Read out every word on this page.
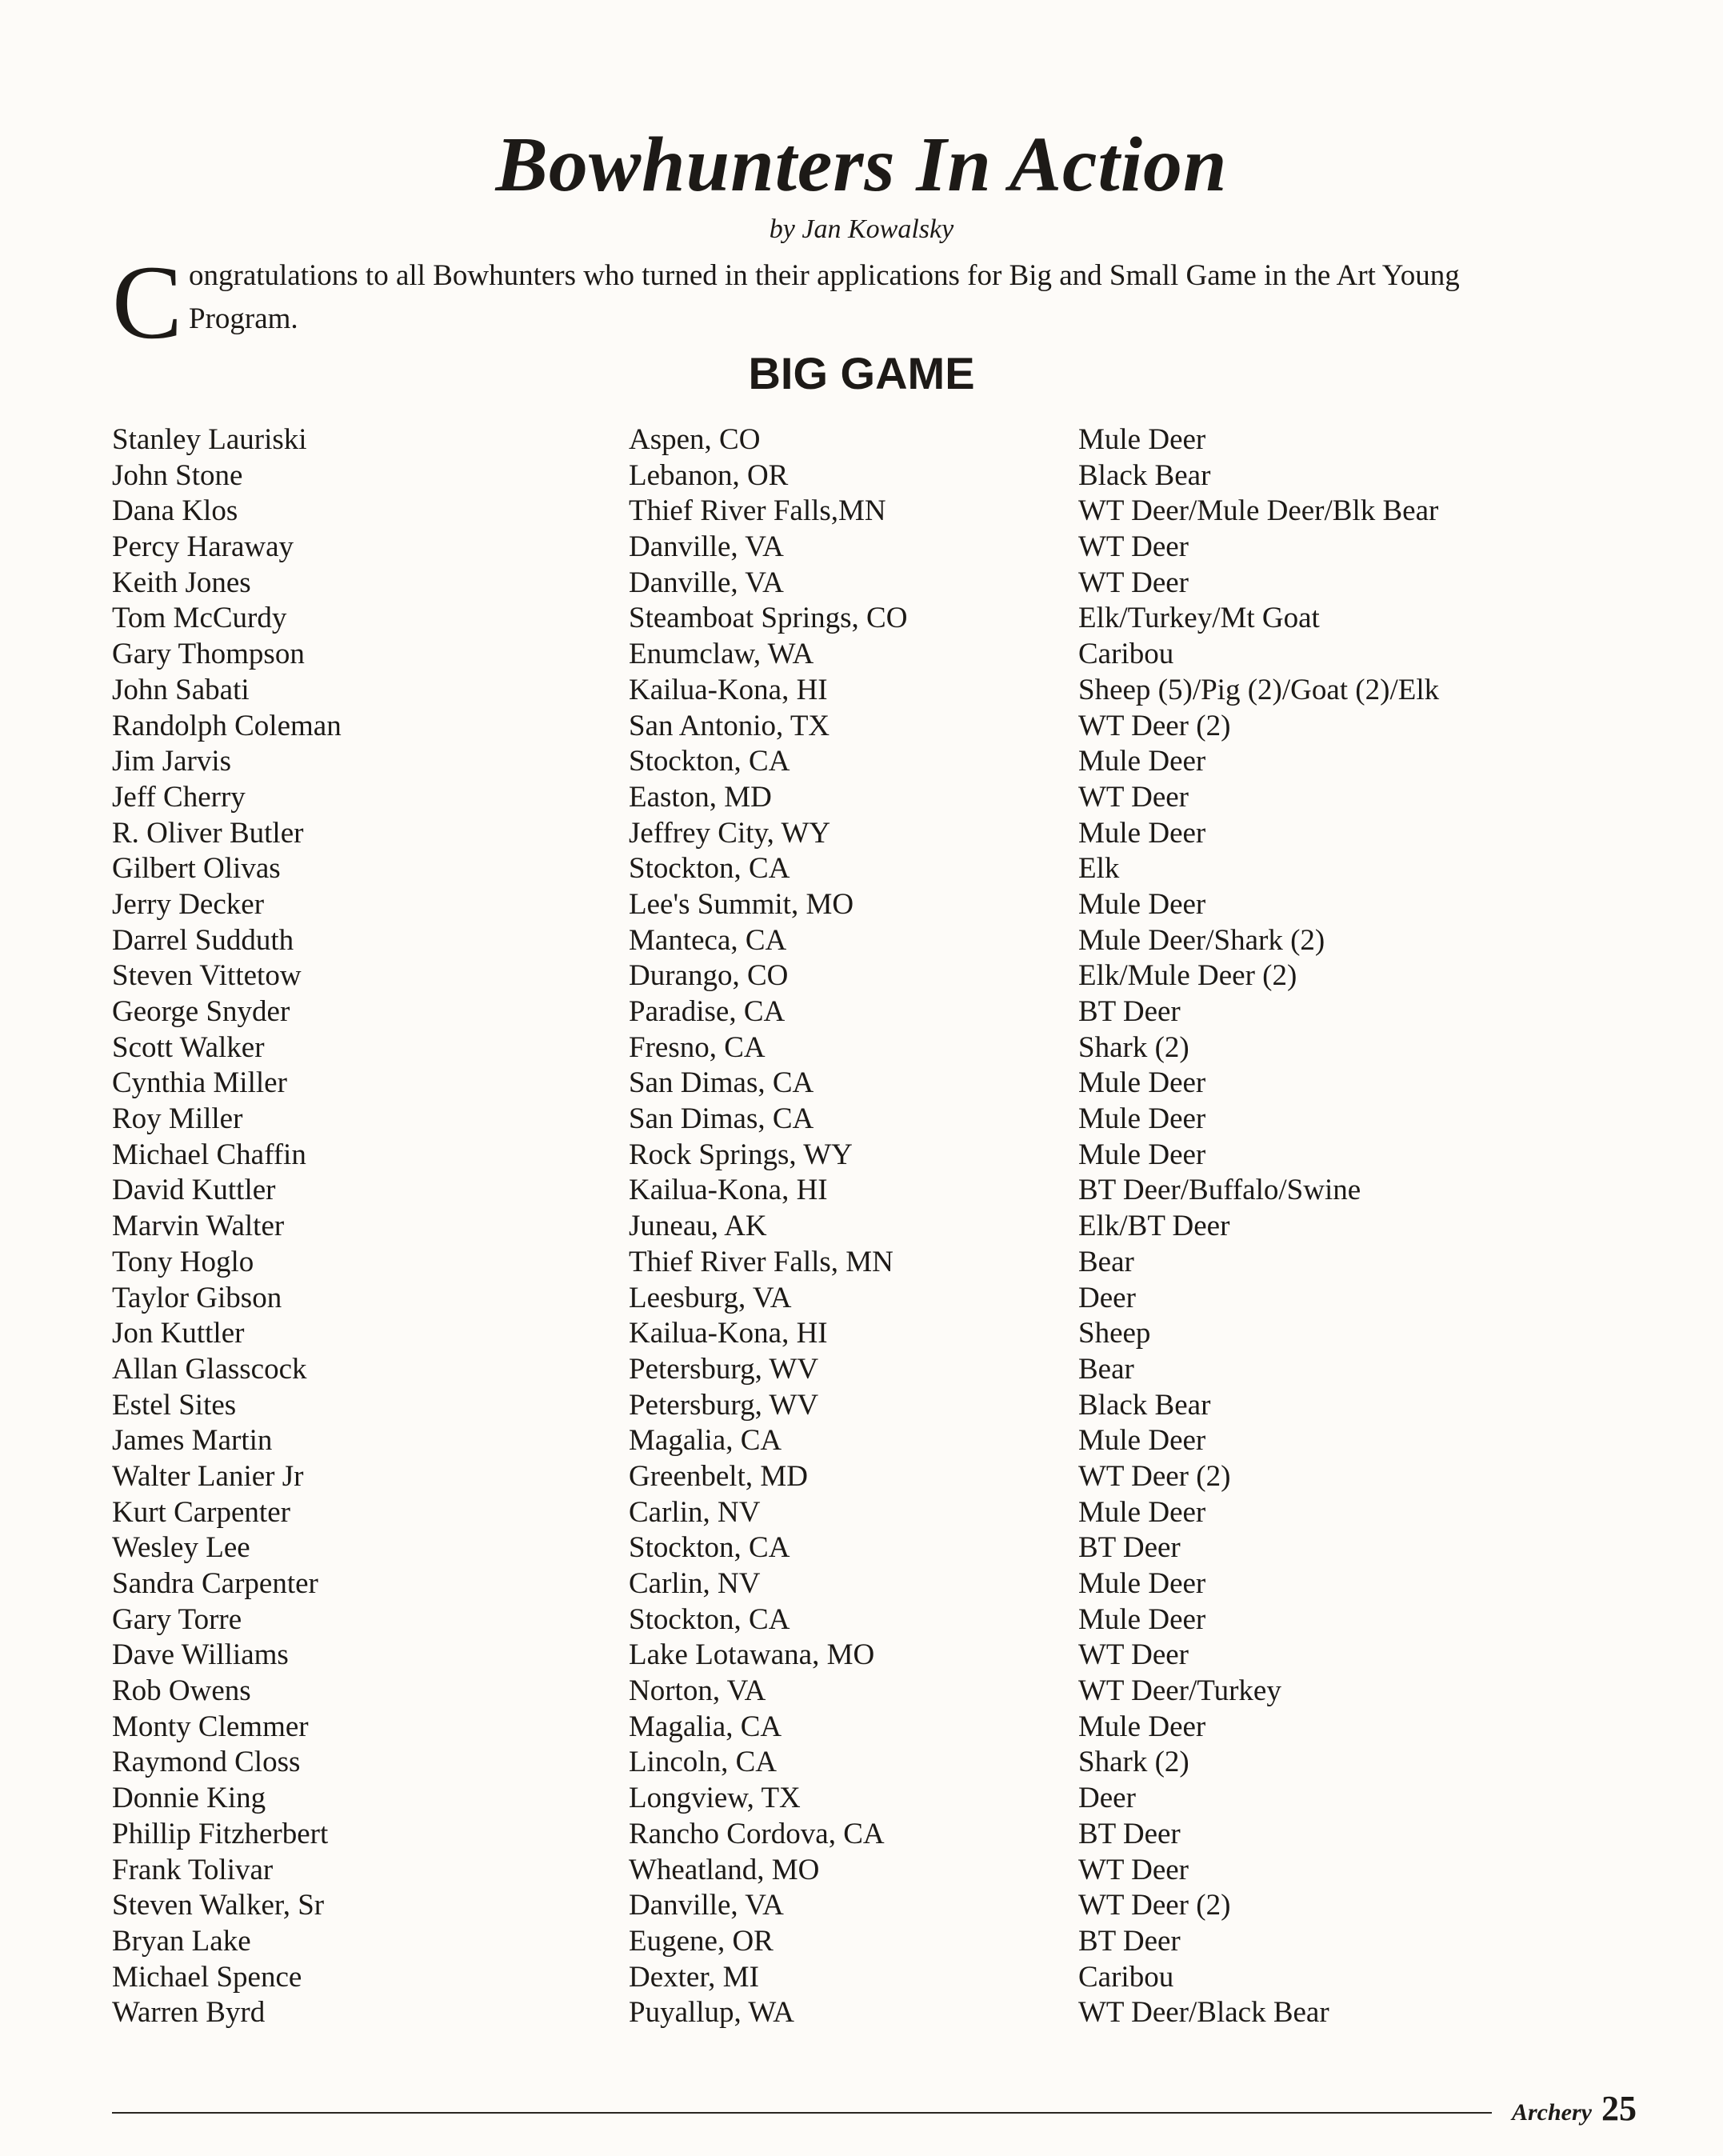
Bowhunters In Action
by Jan Kowalsky
C ongratulations to all Bowhunters who turned in their applications for Big and Small Game in the Art Young Program.
BIG GAME
Stanley Lauriski	Aspen, CO	Mule Deer
John Stone	Lebanon, OR	Black Bear
Dana Klos	Thief River Falls,MN	WT Deer/Mule Deer/Blk Bear
Percy Haraway	Danville, VA	WT Deer
Keith Jones	Danville, VA	WT Deer
Tom McCurdy	Steamboat Springs, CO	Elk/Turkey/Mt Goat
Gary Thompson	Enumclaw, WA	Caribou
John Sabati	Kailua-Kona, HI	Sheep (5)/Pig (2)/Goat (2)/Elk
Randolph Coleman	San Antonio, TX	WT Deer (2)
Jim Jarvis	Stockton, CA	Mule Deer
Jeff Cherry	Easton, MD	WT Deer
R. Oliver Butler	Jeffrey City, WY	Mule Deer
Gilbert Olivas	Stockton, CA	Elk
Jerry Decker	Lee's Summit, MO	Mule Deer
Darrel Sudduth	Manteca, CA	Mule Deer/Shark (2)
Steven Vittetow	Durango, CO	Elk/Mule Deer (2)
George Snyder	Paradise, CA	BT Deer
Scott Walker	Fresno, CA	Shark (2)
Cynthia Miller	San Dimas, CA	Mule Deer
Roy Miller	San Dimas, CA	Mule Deer
Michael Chaffin	Rock Springs, WY	Mule Deer
David Kuttler	Kailua-Kona, HI	BT Deer/Buffalo/Swine
Marvin Walter	Juneau, AK	Elk/BT Deer
Tony Hoglo	Thief River Falls, MN	Bear
Taylor Gibson	Leesburg, VA	Deer
Jon Kuttler	Kailua-Kona, HI	Sheep
Allan Glasscock	Petersburg, WV	Bear
Estel Sites	Petersburg, WV	Black Bear
James Martin	Magalia, CA	Mule Deer
Walter Lanier Jr	Greenbelt, MD	WT Deer (2)
Kurt Carpenter	Carlin, NV	Mule Deer
Wesley Lee	Stockton, CA	BT Deer
Sandra Carpenter	Carlin, NV	Mule Deer
Gary Torre	Stockton, CA	Mule Deer
Dave Williams	Lake Lotawana, MO	WT Deer
Rob Owens	Norton, VA	WT Deer/Turkey
Monty Clemmer	Magalia, CA	Mule Deer
Raymond Closs	Lincoln, CA	Shark (2)
Donnie King	Longview, TX	Deer
Phillip Fitzherbert	Rancho Cordova, CA	BT Deer
Frank Tolivar	Wheatland, MO	WT Deer
Steven Walker, Sr	Danville, VA	WT Deer (2)
Bryan Lake	Eugene, OR	BT Deer
Michael Spence	Dexter, MI	Caribou
Warren Byrd	Puyallup, WA	WT Deer/Black Bear
Archery 25
